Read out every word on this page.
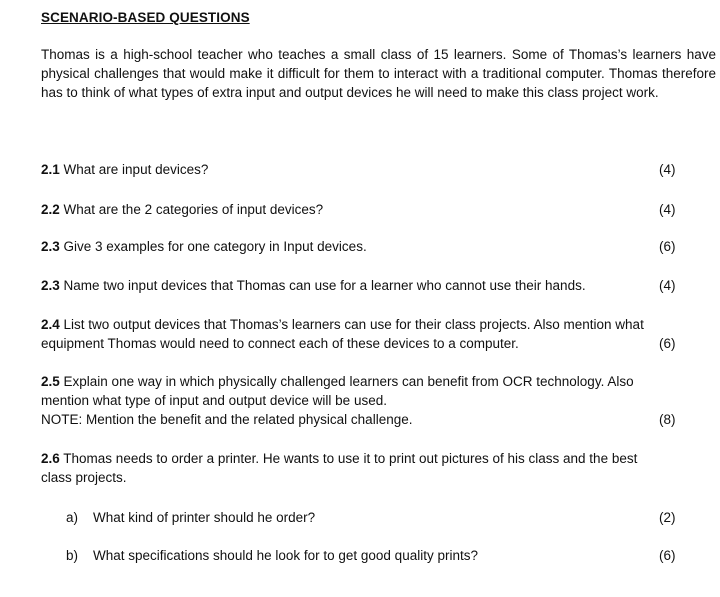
SCENARIO-BASED QUESTIONS
Thomas is a high-school teacher who teaches a small class of 15 learners. Some of Thomas’s learners have physical challenges that would make it difficult for them to interact with a traditional computer. Thomas therefore has to think of what types of extra input and output devices he will need to make this class project work.
2.1 What are input devices?	(4)
2.2 What are the 2 categories of input devices?	(4)
2.3 Give 3 examples for one category in Input devices.	(6)
2.3 Name two input devices that Thomas can use for a learner who cannot use their hands.	(4)
2.4 List two output devices that Thomas’s learners can use for their class projects. Also mention what
equipment Thomas would need to connect each of these devices to a computer.	(6)
2.5 Explain one way in which physically challenged learners can benefit from OCR technology. Also
mention what type of input and output device will be used.
NOTE: Mention the benefit and the related physical challenge.	(8)
2.6 Thomas needs to order a printer. He wants to use it to print out pictures of his class and the best
class projects.
a) What kind of printer should he order?	(2)
b) What specifications should he look for to get good quality prints?	(6)
